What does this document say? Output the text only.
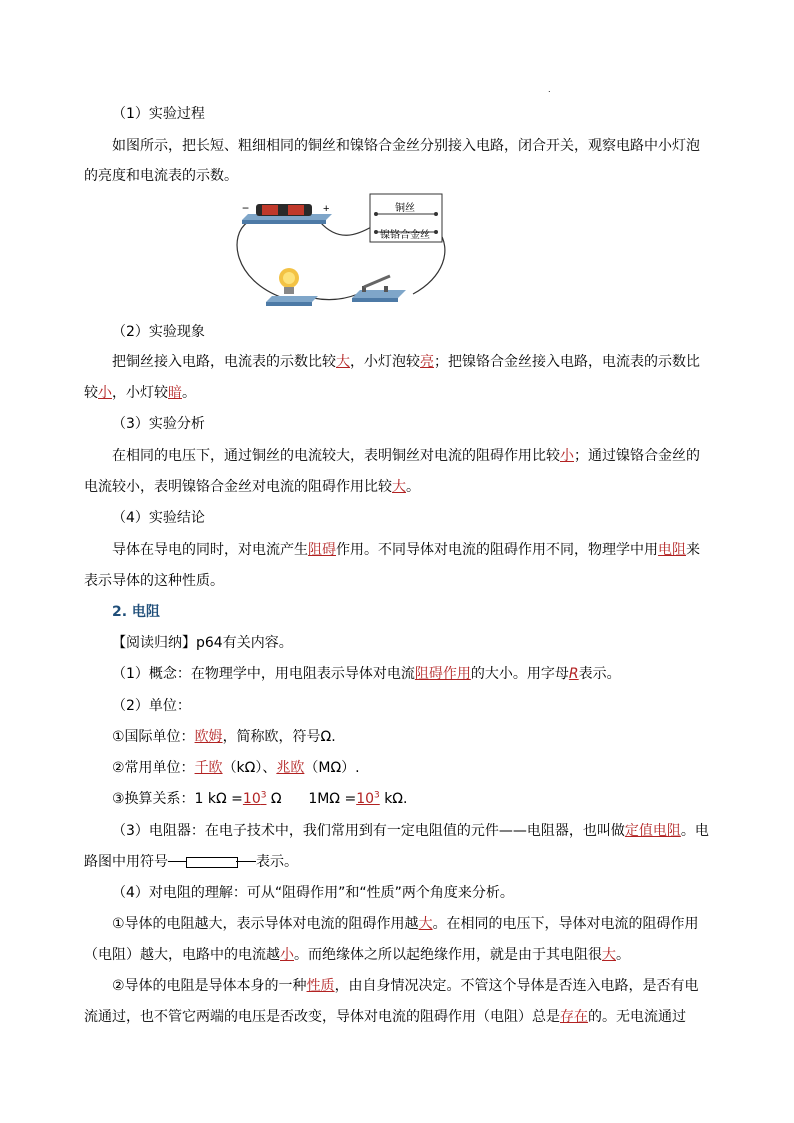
.
（1）实验过程
如图所示，把长短、粗细相同的铜丝和镍铬合金丝分别接入电路，闭合开关，观察电路中小灯泡
的亮度和电流表的示数。
−	+	铜丝
镍铬合金丝
（2）实验现象
把铜丝接入电路，电流表的示数比较大，小灯泡较亮；把镍铬合金丝接入电路，电流表的示数比
较小，小灯较暗。
（3）实验分析
在相同的电压下，通过铜丝的电流较大，表明铜丝对电流的阻碍作用比较小；通过镍铬合金丝的
电流较小，表明镍铬合金丝对电流的阻碍作用比较大。
（4）实验结论
导体在导电的同时，对电流产生阻碍作用。不同导体对电流的阻碍作用不同，物理学中用电阻来
表示导体的这种性质。
2. 电阻
【阅读归纳】p64有关内容。
（1）概念：在物理学中，用电阻表示导体对电流阻碍作用的大小。用字母R表示。
（2）单位：
①国际单位：欧姆，简称欧，符号Ω.
②常用单位：千欧（kΩ）、兆欧（MΩ）.
③换算关系：1 $k\Omega =10^3$ Ω      $1M\Omega =10^3$ kΩ.
（3）电阻器：在电子技术中，我们常用到有一定电阻值的元件——电阻器，也叫做定值电阻。电
路图中用符号	表示。
（4）对电阻的理解：可从“阻碍作用”和“性质”两个角度来分析。
①导体的电阻越大，表示导体对电流的阻碍作用越大。在相同的电压下，导体对电流的阻碍作用
（电阻）越大，电路中的电流越小。而绝缘体之所以起绝缘作用，就是由于其电阻很大。
②导体的电阻是导体本身的一种性质，由自身情况决定。不管这个导体是否连入电路，是否有电
流通过，也不管它两端的电压是否改变，导体对电流的阻碍作用（电阻）总是存在的。无电流通过
